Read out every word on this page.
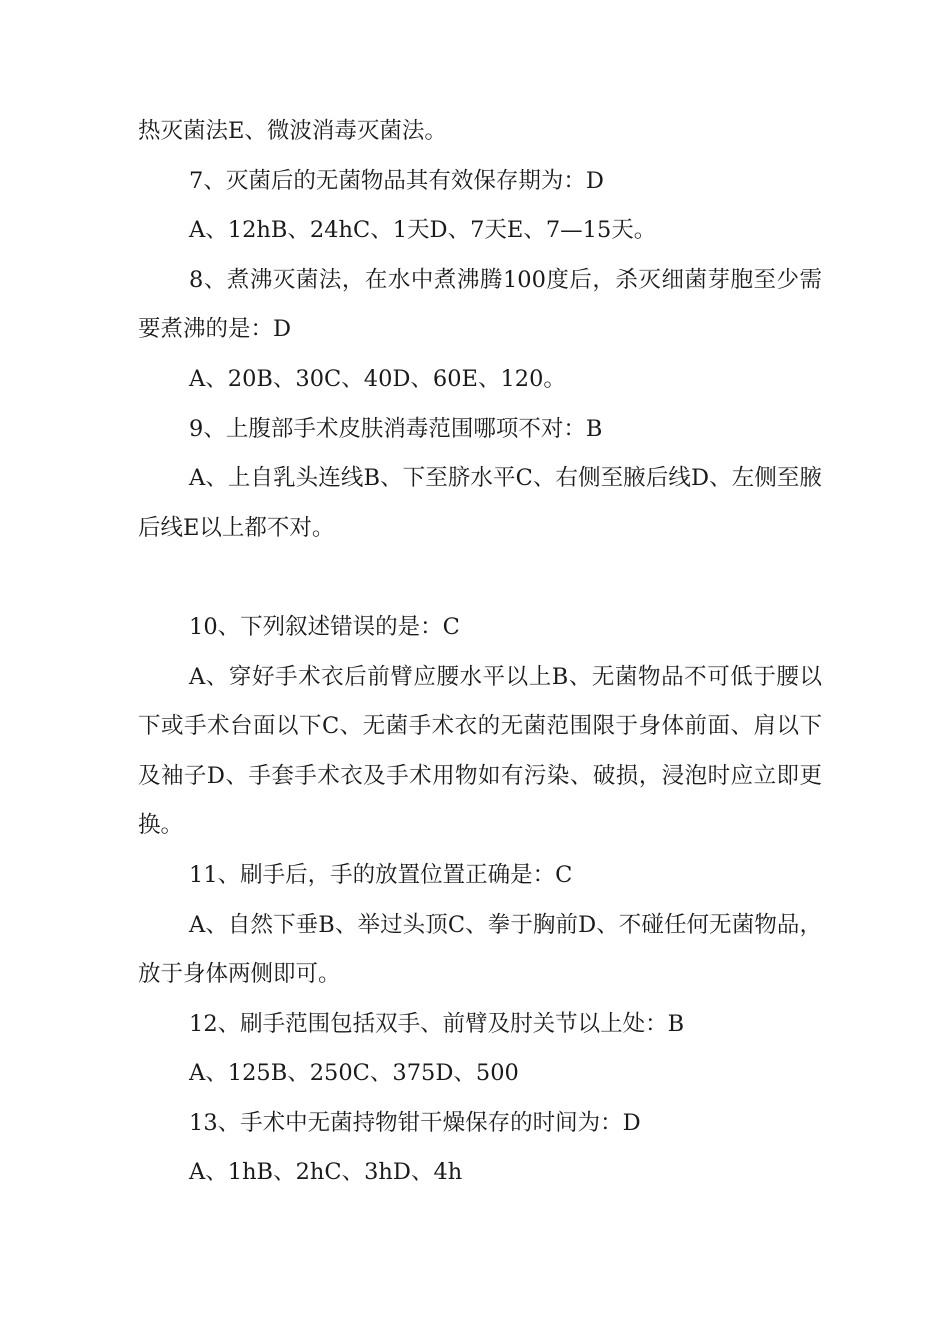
热灭菌法E、微波消毒灭菌法。

7、灭菌后的无菌物品其有效保存期为：D

A、12hB、24hC、1天D、7天E、7—15天。

8、煮沸灭菌法，在水中煮沸腾100度后，杀灭细菌芽胞至少需要煮沸的是：D

A、20B、30C、40D、60E、120。

9、上腹部手术皮肤消毒范围哪项不对：B

A、上自乳头连线B、下至脐水平C、右侧至腋后线D、左侧至腋后线E以上都不对。

10、下列叙述错误的是：C

A、穿好手术衣后前臂应腰水平以上B、无菌物品不可低于腰以下或手术台面以下C、无菌手术衣的无菌范围限于身体前面、肩以下及袖子D、手套手术衣及手术用物如有污染、破损，浸泡时应立即更换。

11、刷手后，手的放置位置正确是：C

A、自然下垂B、举过头顶C、拳于胸前D、不碰任何无菌物品，放于身体两侧即可。

12、刷手范围包括双手、前臂及肘关节以上处：B

A、125B、250C、375D、500

13、手术中无菌持物钳干燥保存的时间为：D

A、1hB、2hC、3hD、4h
